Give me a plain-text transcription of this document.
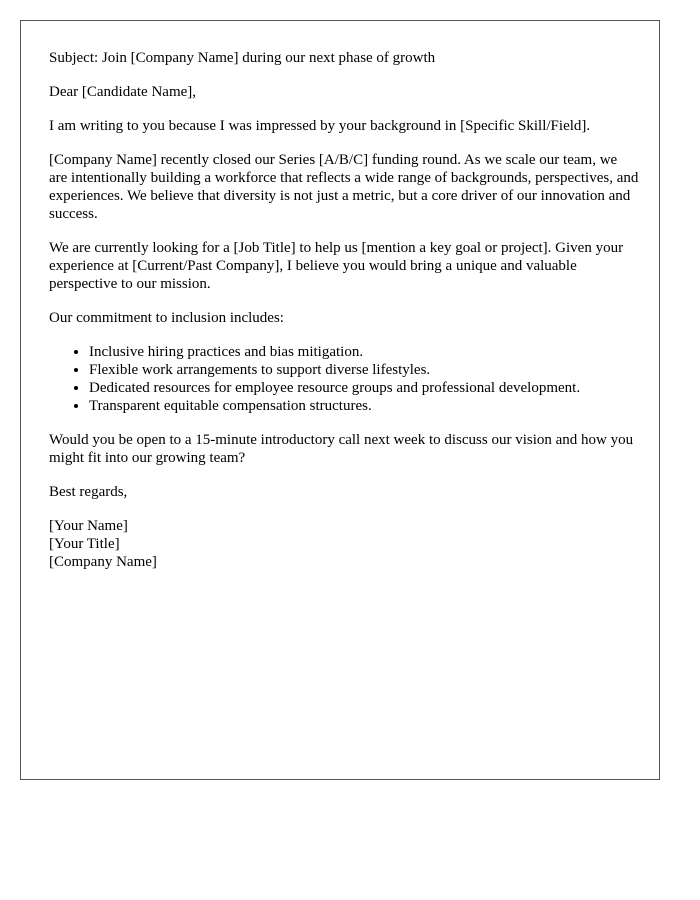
Subject: Join [Company Name] during our next phase of growth

Dear [Candidate Name],

I am writing to you because I was impressed by your background in [Specific Skill/Field].

[Company Name] recently closed our Series [A/B/C] funding round. As we scale our team, we are intentionally building a workforce that reflects a wide range of backgrounds, perspectives, and experiences. We believe that diversity is not just a metric, but a core driver of our innovation and success.

We are currently looking for a [Job Title] to help us [mention a key goal or project]. Given your experience at [Current/Past Company], I believe you would bring a unique and valuable perspective to our mission.

Our commitment to inclusion includes:

• Inclusive hiring practices and bias mitigation.
• Flexible work arrangements to support diverse lifestyles.
• Dedicated resources for employee resource groups and professional development.
• Transparent equitable compensation structures.

Would you be open to a 15-minute introductory call next week to discuss our vision and how you might fit into our growing team?

Best regards,

[Your Name]
[Your Title]
[Company Name]
